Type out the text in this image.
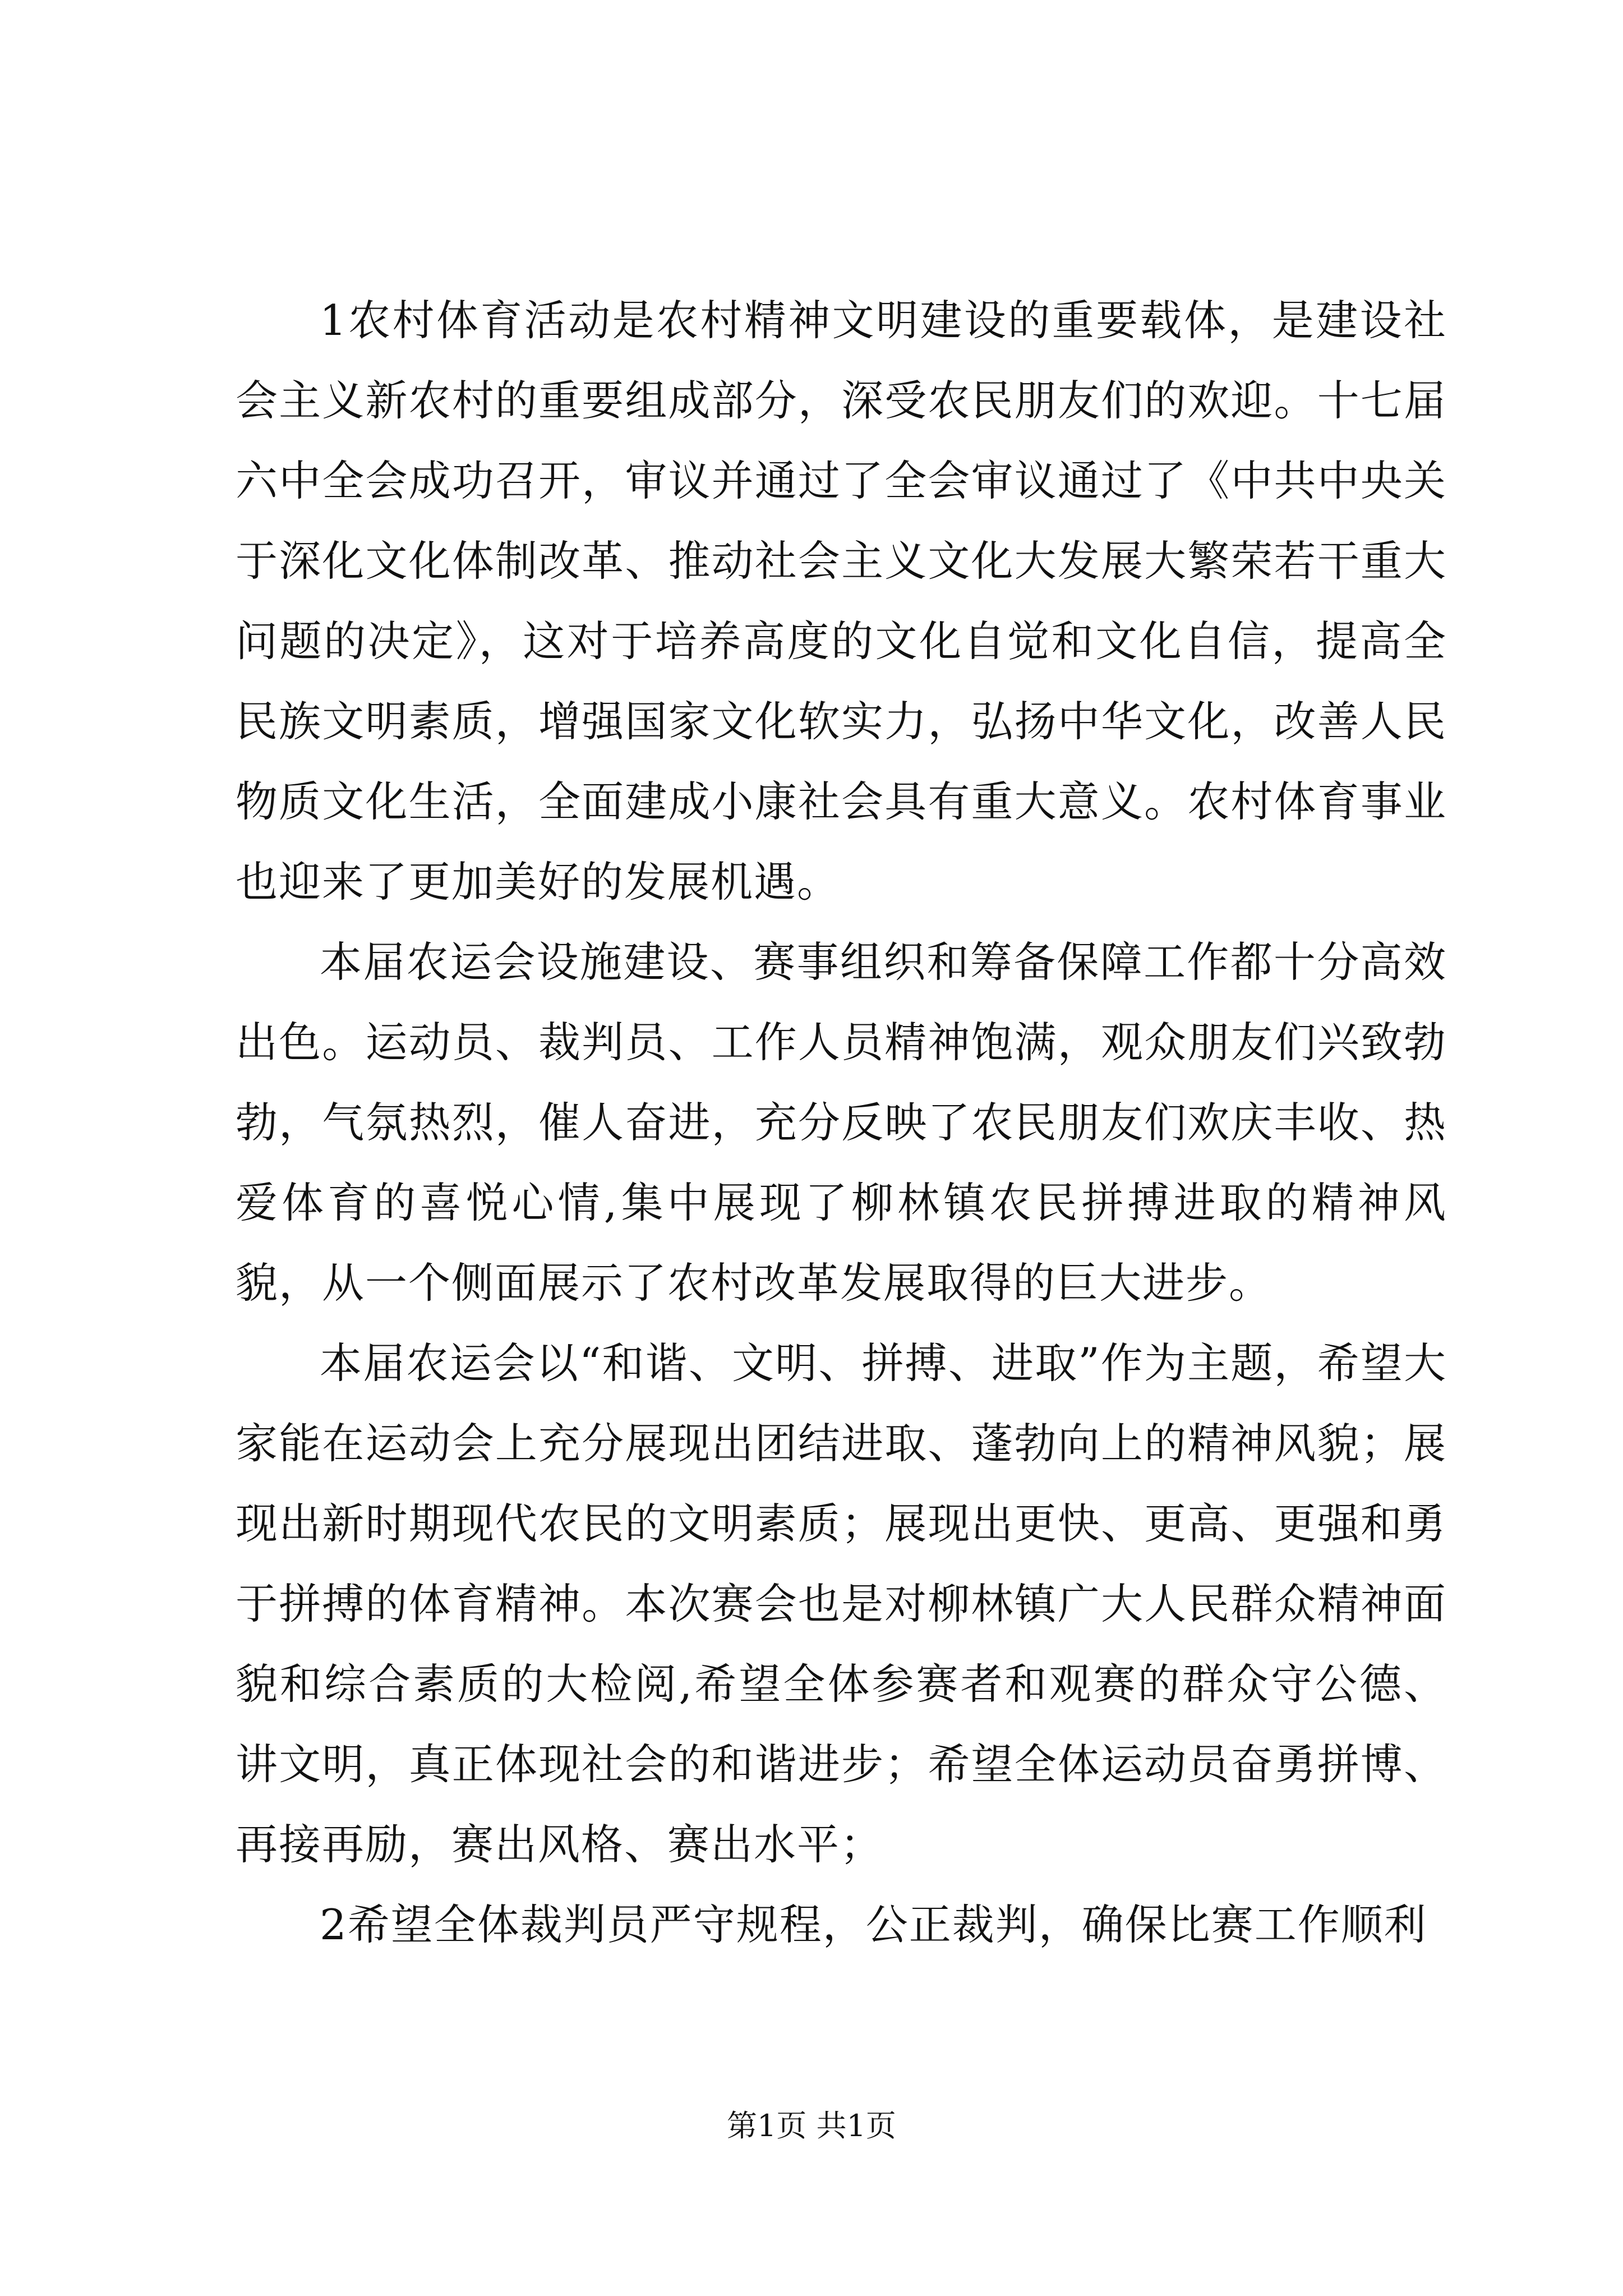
1农村体育活动是农村精神文明建设的重要载体，是建设社会主义新农村的重要组成部分，深受农民朋友们的欢迎。十七届六中全会成功召开，审议并通过了全会审议通过了《中共中央关于深化文化体制改革、推动社会主义文化大发展大繁荣若干重大问题的决定》，这对于培养高度的文化自觉和文化自信，提高全民族文明素质，增强国家文化软实力，弘扬中华文化，改善人民物质文化生活，全面建成小康社会具有重大意义。农村体育事业也迎来了更加美好的发展机遇。

本届农运会设施建设、赛事组织和筹备保障工作都十分高效出色。运动员、裁判员、工作人员精神饱满，观众朋友们兴致勃勃，气氛热烈，催人奋进，充分反映了农民朋友们欢庆丰收、热爱体育的喜悦心情,集中展现了柳林镇农民拼搏进取的精神风貌，从一个侧面展示了农村改革发展取得的巨大进步。

本届农运会以“和谐、文明、拼搏、进取”作为主题，希望大家能在运动会上充分展现出团结进取、蓬勃向上的精神风貌；展现出新时期现代农民的文明素质；展现出更快、更高、更强和勇于拼搏的体育精神。本次赛会也是对柳林镇广大人民群众精神面貌和综合素质的大检阅,希望全体参赛者和观赛的群众守公德、讲文明，真正体现社会的和谐进步；希望全体运动员奋勇拼博、再接再励，赛出风格、赛出水平；

2希望全体裁判员严守规程，公正裁判，确保比赛工作顺利

第1页 共1页
